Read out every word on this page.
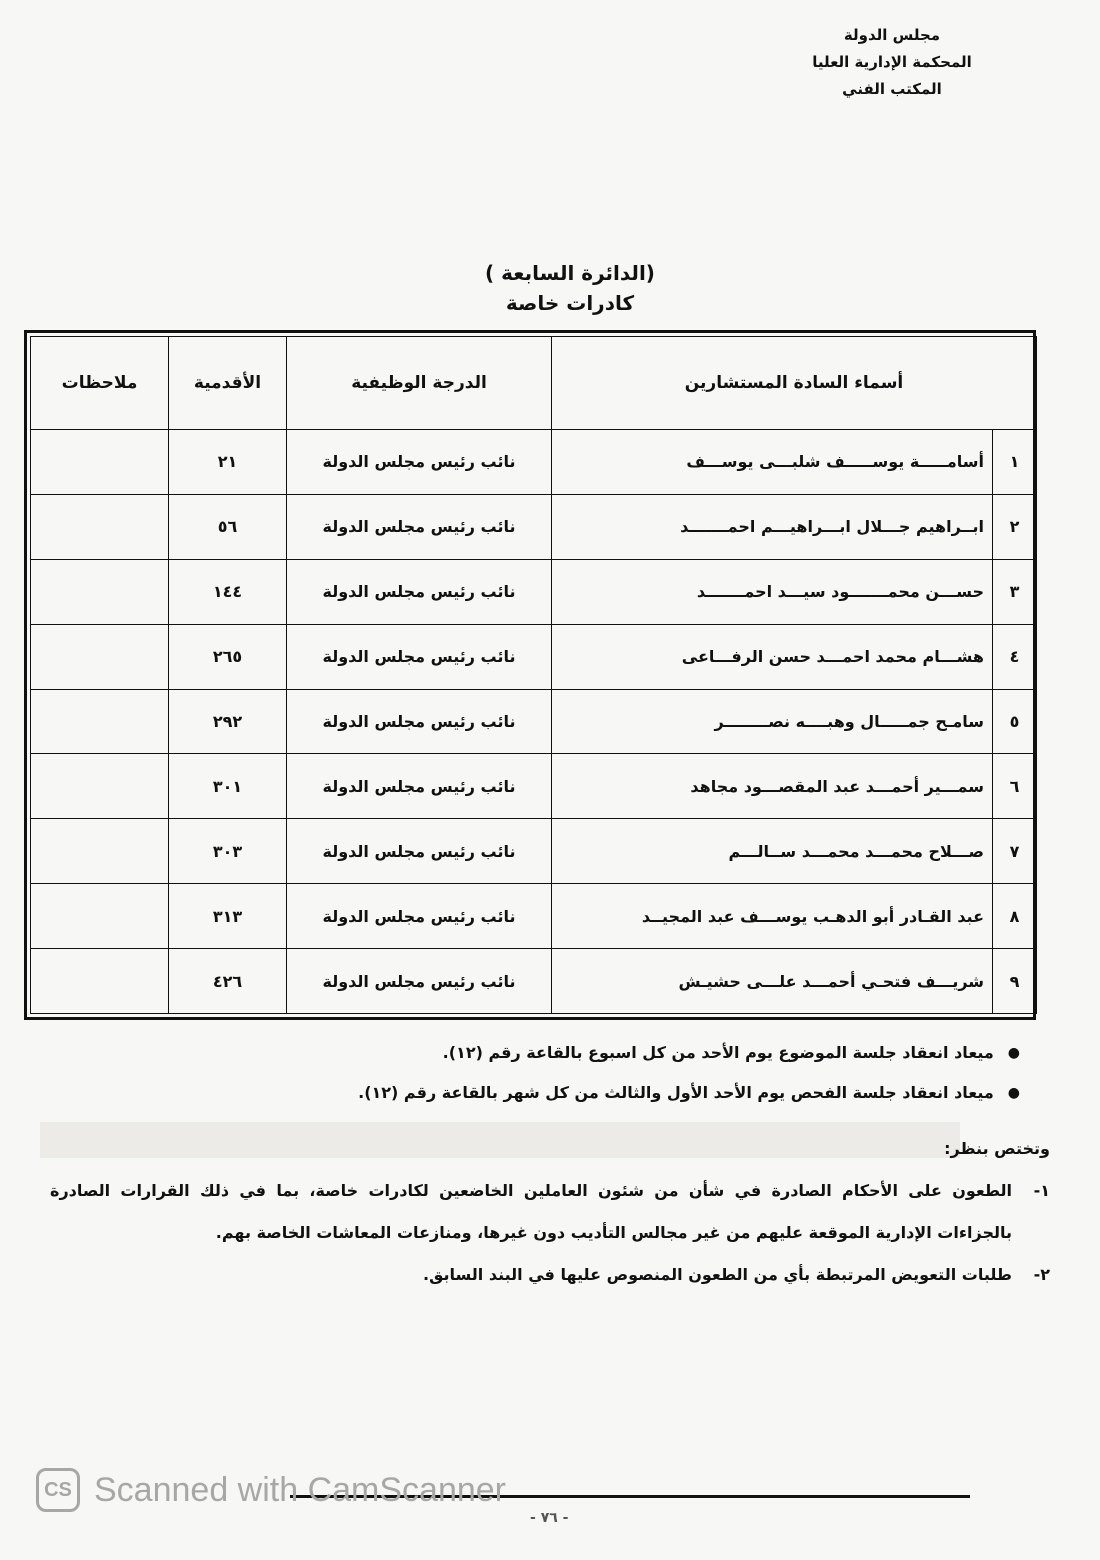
مجلس الدولة
المحكمة الإدارية العليا
المكتب الفني
(الدائرة السابعة )
كادرات خاصة
أسماء السادة المستشارين		الدرجة الوظيفية	الأقدمية	ملاحظات
١	أسامـــــة يوســـــف شلبـــى يوســـف	نائب رئيس مجلس الدولة	٢١	
٢	ابــراهيم جـــلال ابـــراهيـــم احمـــــــد	نائب رئيس مجلس الدولة	٥٦	
٣	حســـن محمـــــــود سيـــد احمـــــــد	نائب رئيس مجلس الدولة	١٤٤	
٤	هشـــام محمد احمـــد حسن الرفـــاعى	نائب رئيس مجلس الدولة	٢٦٥	
٥	سامـح جمـــــال وهبــــه نصــــــــر	نائب رئيس مجلس الدولة	٢٩٢	
٦	سمـــير أحمـــد عبد المقصـــود مجاهد	نائب رئيس مجلس الدولة	٣٠١	
٧	صـــلاح محمـــد محمـــد ســالـــم	نائب رئيس مجلس الدولة	٣٠٣	
٨	عبد القـادر أبو الدهـب يوســـف عبد المجيــد	نائب رئيس مجلس الدولة	٣١٣	
٩	شريـــف فتحـي أحمـــد علـــى حشيـش	نائب رئيس مجلس الدولة	٤٢٦	
●
ميعاد انعقاد جلسة الموضوع يوم الأحد من كل اسبوع بالقاعة رقم (١٢).
●
ميعاد انعقاد جلسة الفحص يوم الأحد الأول والثالث من كل شهر بالقاعة رقم (١٢).
وتختص بنظر:
١-
الطعون على الأحكام الصادرة في شأن من شئون العاملين الخاضعين لكادرات خاصة، بما في ذلك القرارات الصادرة بالجزاءات الإدارية الموقعة عليهم من غير مجالس التأديب دون غيرها، ومنازعات المعاشات الخاصة بهم.
٢-
طلبات التعويض المرتبطة بأي من الطعون المنصوص عليها في البند السابق.
- ٧٦ -
CS Scanned with CamScanner
